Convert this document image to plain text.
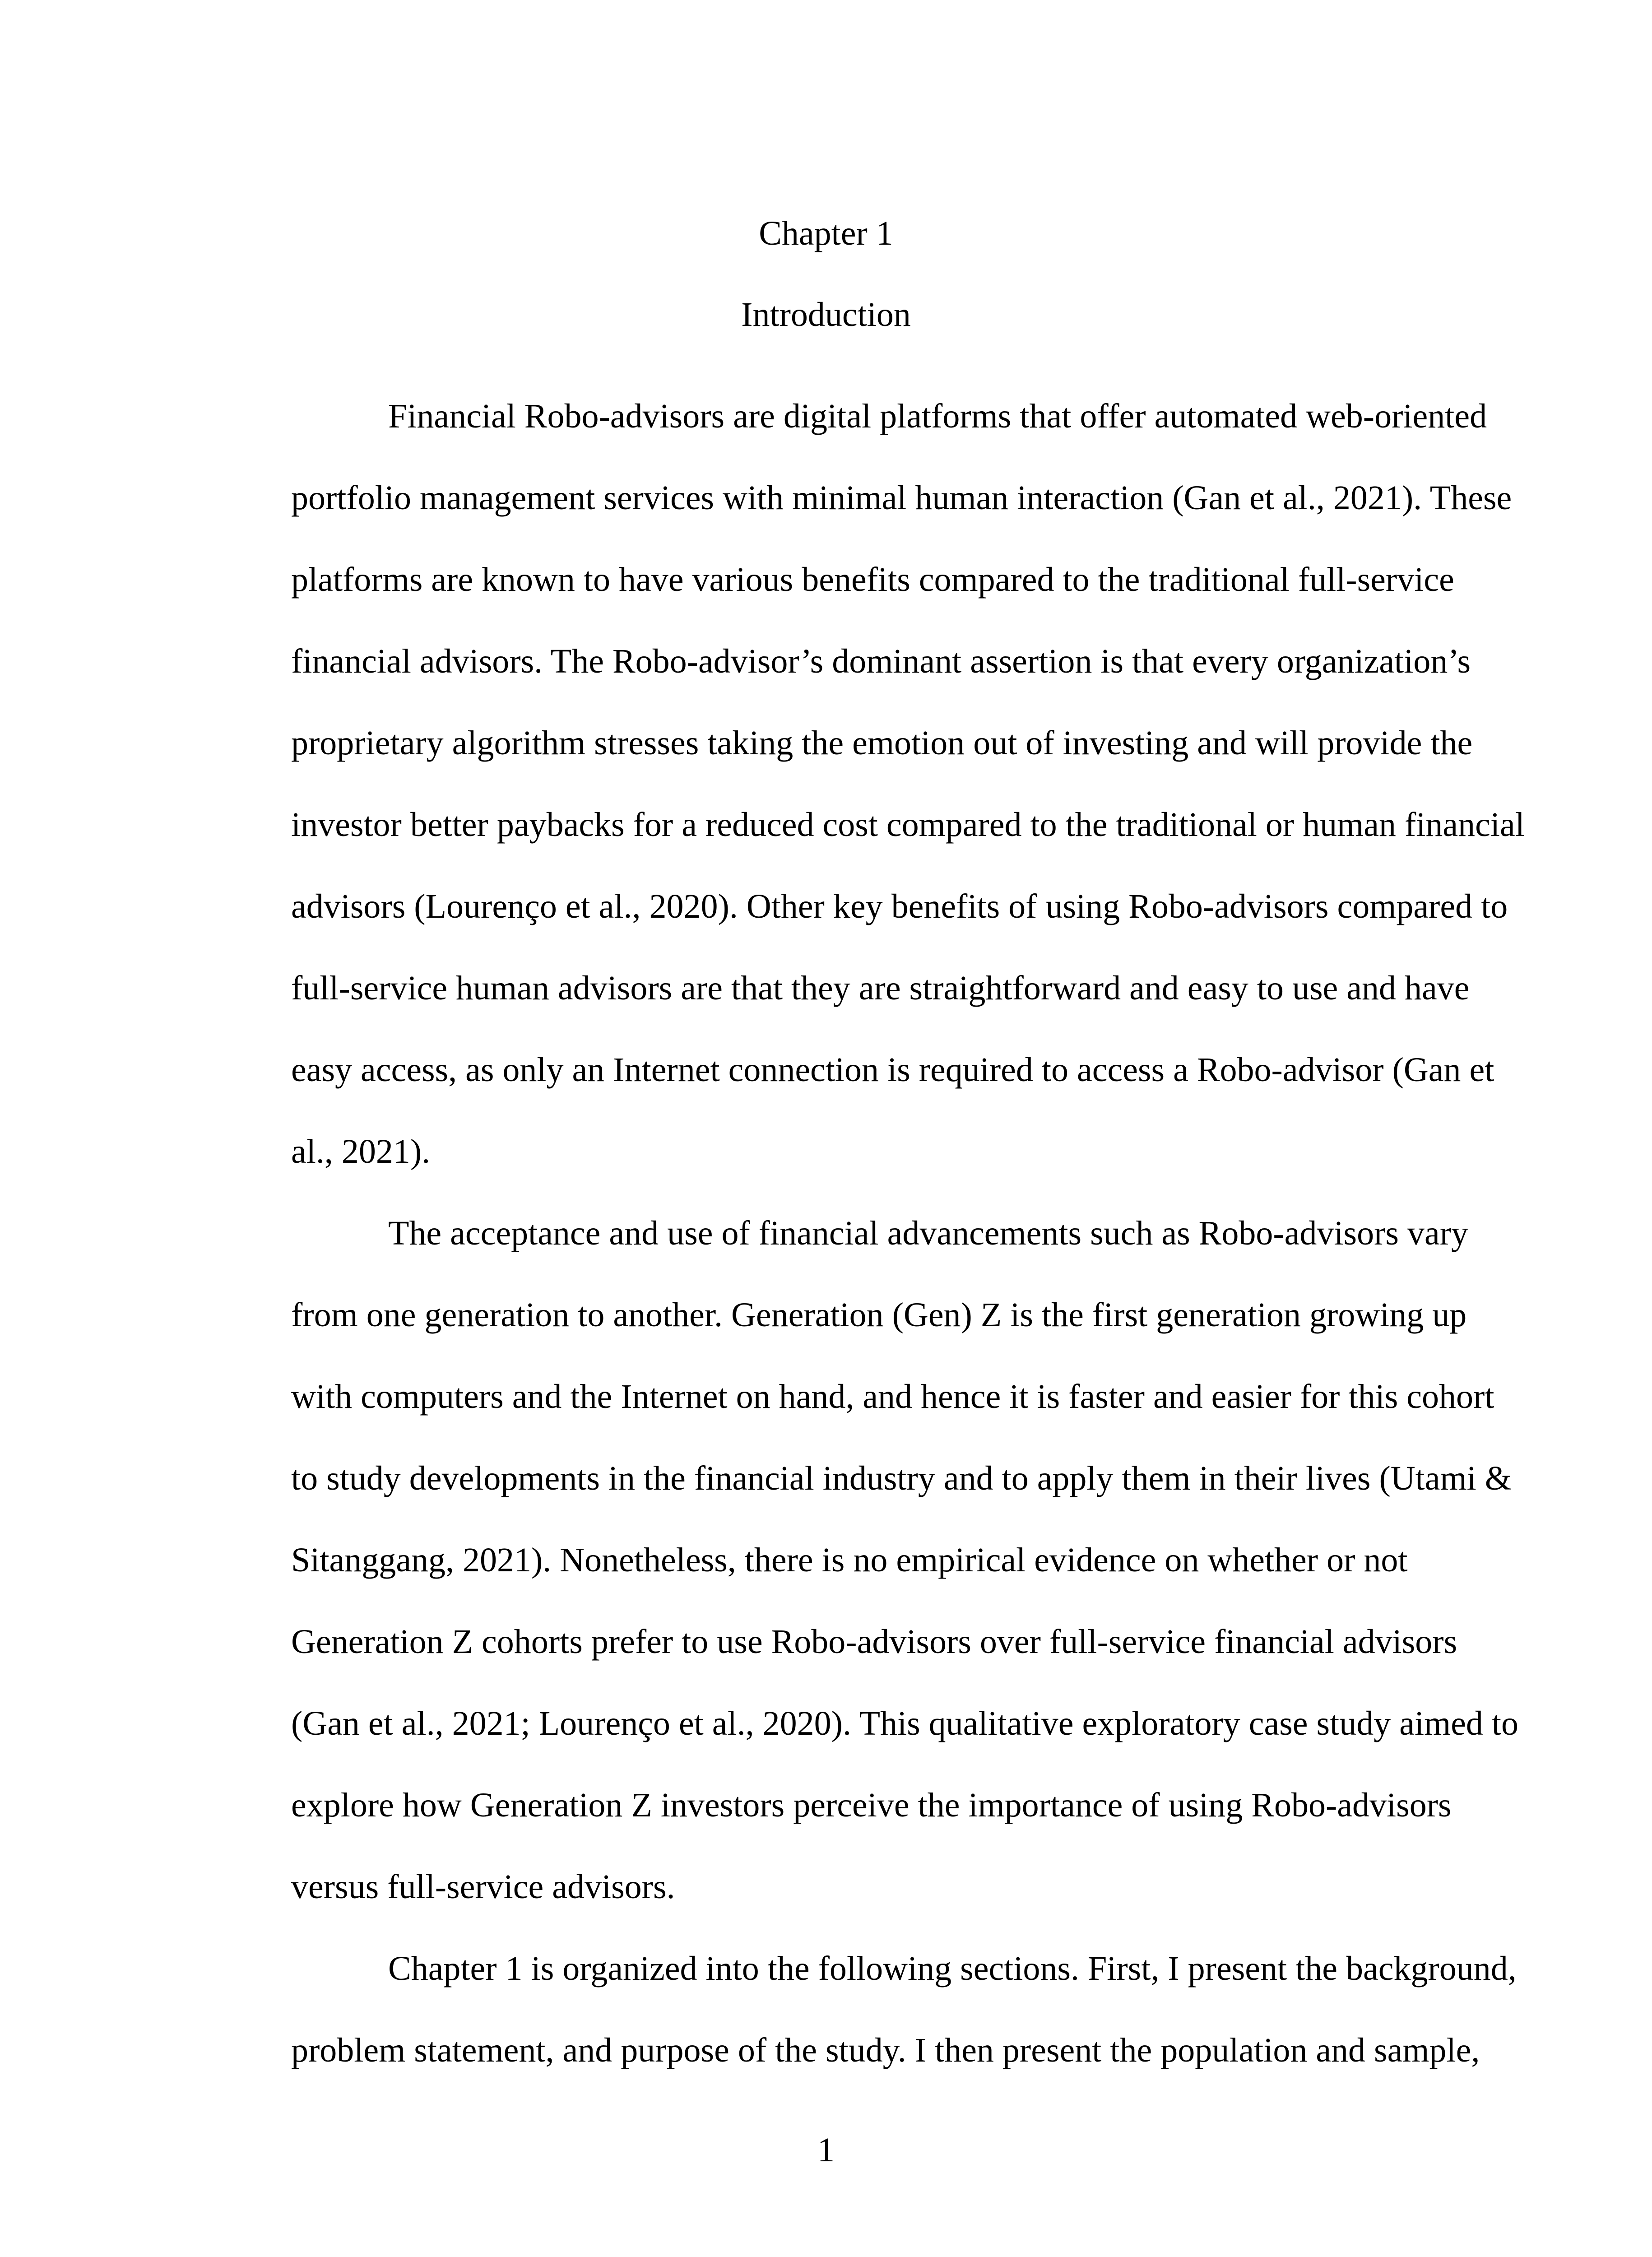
Chapter 1
Introduction
Financial Robo-advisors are digital platforms that offer automated web-oriented
portfolio management services with minimal human interaction (Gan et al., 2021). These
platforms are known to have various benefits compared to the traditional full-service
financial advisors. The Robo-advisor’s dominant assertion is that every organization’s
proprietary algorithm stresses taking the emotion out of investing and will provide the
investor better paybacks for a reduced cost compared to the traditional or human financial
advisors (Lourenço et al., 2020). Other key benefits of using Robo-advisors compared to
full-service human advisors are that they are straightforward and easy to use and have
easy access, as only an Internet connection is required to access a Robo-advisor (Gan et
al., 2021).
The acceptance and use of financial advancements such as Robo-advisors vary
from one generation to another. Generation (Gen) Z is the first generation growing up
with computers and the Internet on hand, and hence it is faster and easier for this cohort
to study developments in the financial industry and to apply them in their lives (Utami &
Sitanggang, 2021). Nonetheless, there is no empirical evidence on whether or not
Generation Z cohorts prefer to use Robo-advisors over full-service financial advisors
(Gan et al., 2021; Lourenço et al., 2020). This qualitative exploratory case study aimed to
explore how Generation Z investors perceive the importance of using Robo-advisors
versus full-service advisors.
Chapter 1 is organized into the following sections. First, I present the background,
problem statement, and purpose of the study. I then present the population and sample,
1
